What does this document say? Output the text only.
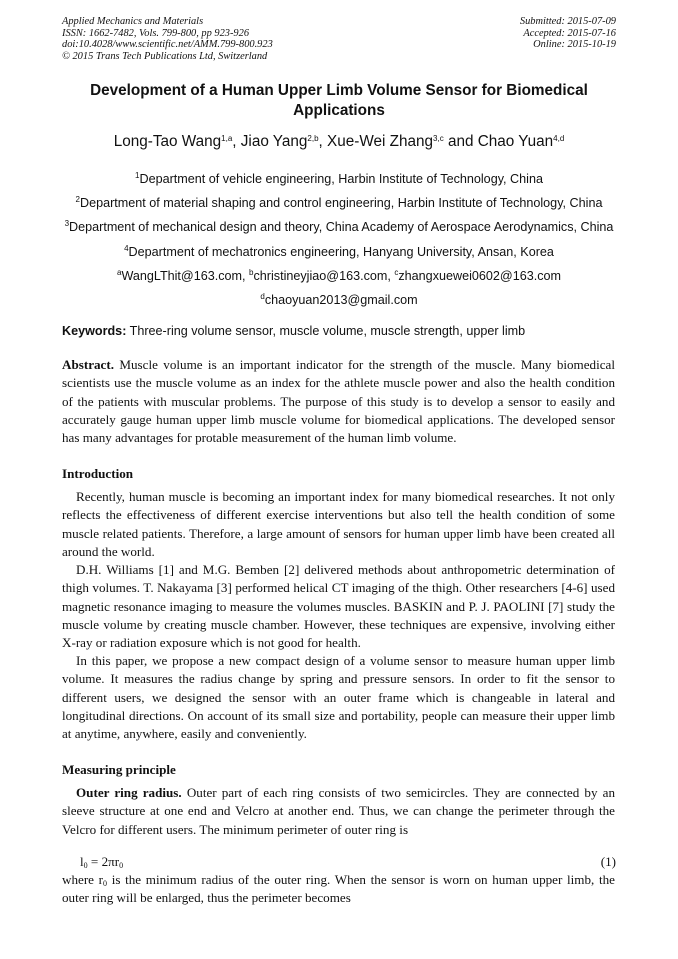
Applied Mechanics and Materials
ISSN: 1662-7482, Vols. 799-800, pp 923-926
doi:10.4028/www.scientific.net/AMM.799-800.923
© 2015 Trans Tech Publications Ltd, Switzerland
Submitted: 2015-07-09
Accepted: 2015-07-16
Online: 2015-10-19
Development of a Human Upper Limb Volume Sensor for Biomedical Applications
Long-Tao Wang$^{1,a}$, Jiao Yang$^{2,b}$, Xue-Wei Zhang$^{3,c}$ and Chao Yuan$^{4,d}$
$^1$Department of vehicle engineering, Harbin Institute of Technology, China
$^2$Department of material shaping and control engineering, Harbin Institute of Technology, China
$^3$Department of mechanical design and theory, China Academy of Aerospace Aerodynamics, China
$^4$Department of mechatronics engineering, Hanyang University, Ansan, Korea
$^a$WangLThit@163.com, $^b$christineyjiao@163.com, $^c$zhangxuewei0602@163.com
$^d$chaoyuan2013@gmail.com
Keywords: Three-ring volume sensor, muscle volume, muscle strength, upper limb
Abstract. Muscle volume is an important indicator for the strength of the muscle. Many biomedical scientists use the muscle volume as an index for the athlete muscle power and also the health condition of the patients with muscular problems. The purpose of this study is to develop a sensor to easily and accurately gauge human upper limb muscle volume for biomedical applications. The developed sensor has many advantages for protable measurement of the human limb volume.
Introduction
Recently, human muscle is becoming an important index for many biomedical researches. It not only reflects the effectiveness of different exercise interventions but also tell the health condition of some muscle related patients. Therefore, a large amount of sensors for human upper limb have been created all around the world.
D.H. Williams [1] and M.G. Bemben [2] delivered methods about anthropometric determination of thigh volumes. T. Nakayama [3] performed helical CT imaging of the thigh. Other researchers [4-6] used magnetic resonance imaging to measure the volumes muscles. BASKIN and P. J. PAOLINI [7] study the muscle volume by creating muscle chamber. However, these techniques are expensive, involving either X-ray or radiation exposure which is not good for health.
In this paper, we propose a new compact design of a volume sensor to measure human upper limb volume. It measures the radius change by spring and pressure sensors. In order to fit the sensor to different users, we designed the sensor with an outer frame which is changeable in lateral and longitudinal directions. On account of its small size and portability, people can measure their upper limb at anytime, anywhere, easily and conveniently.
Measuring principle
Outer ring radius. Outer part of each ring consists of two semicircles. They are connected by an sleeve structure at one end and Velcro at another end. Thus, we can change the perimeter through the Velcro for different users. The minimum perimeter of outer ring is
$l_0 = 2\pi r_0$	(1)
where $r_0$ is the minimum radius of the outer ring. When the sensor is worn on human upper limb, the outer ring will be enlarged, thus the perimeter becomes
